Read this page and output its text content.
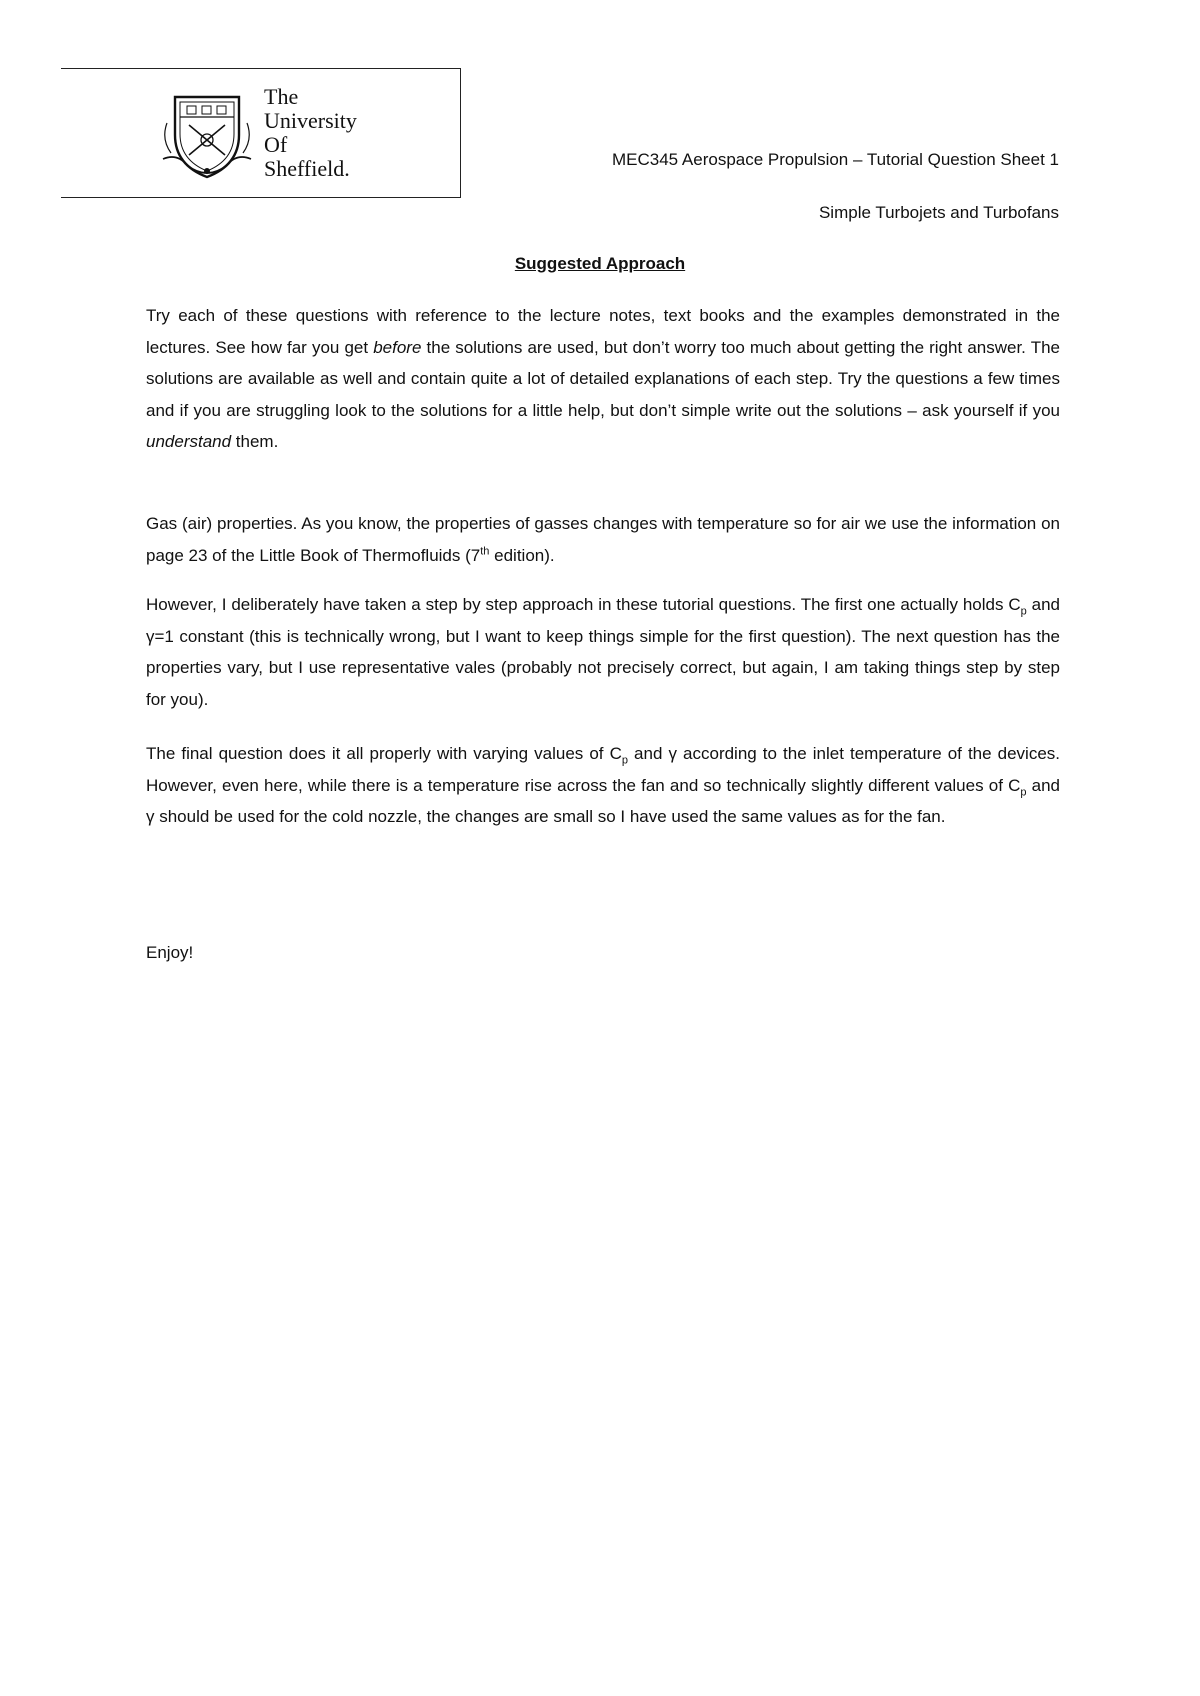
The
University
Of
Sheffield.	MEC345 Aerospace Propulsion – Tutorial Question Sheet 1
Simple Turbojets and Turbofans
Suggested Approach

Try each of these questions with reference to the lecture notes, text books and the examples demonstrated in the lectures. See how far you get before the solutions are used, but don’t worry too much about getting the right answer. The solutions are available as well and contain quite a lot of detailed explanations of each step. Try the questions a few times and if you are struggling look to the solutions for a little help, but don’t simple write out the solutions – ask yourself if you understand them.

Gas (air) properties. As you know, the properties of gasses changes with temperature so for air we use the information on page 23 of the Little Book of Thermofluids (7th edition).

However, I deliberately have taken a step by step approach in these tutorial questions. The first one actually holds $C_p$ and γ=1 constant (this is technically wrong, but I want to keep things simple for the first question). The next question has the properties vary, but I use representative vales (probably not precisely correct, but again, I am taking things step by step for you).

The final question does it all properly with varying values of $C_p$ and γ according to the inlet temperature of the devices. However, even here, while there is a temperature rise across the fan and so technically slightly different values of $C_p$ and γ should be used for the cold nozzle, the changes are small so I have used the same values as for the fan.

Enjoy!
